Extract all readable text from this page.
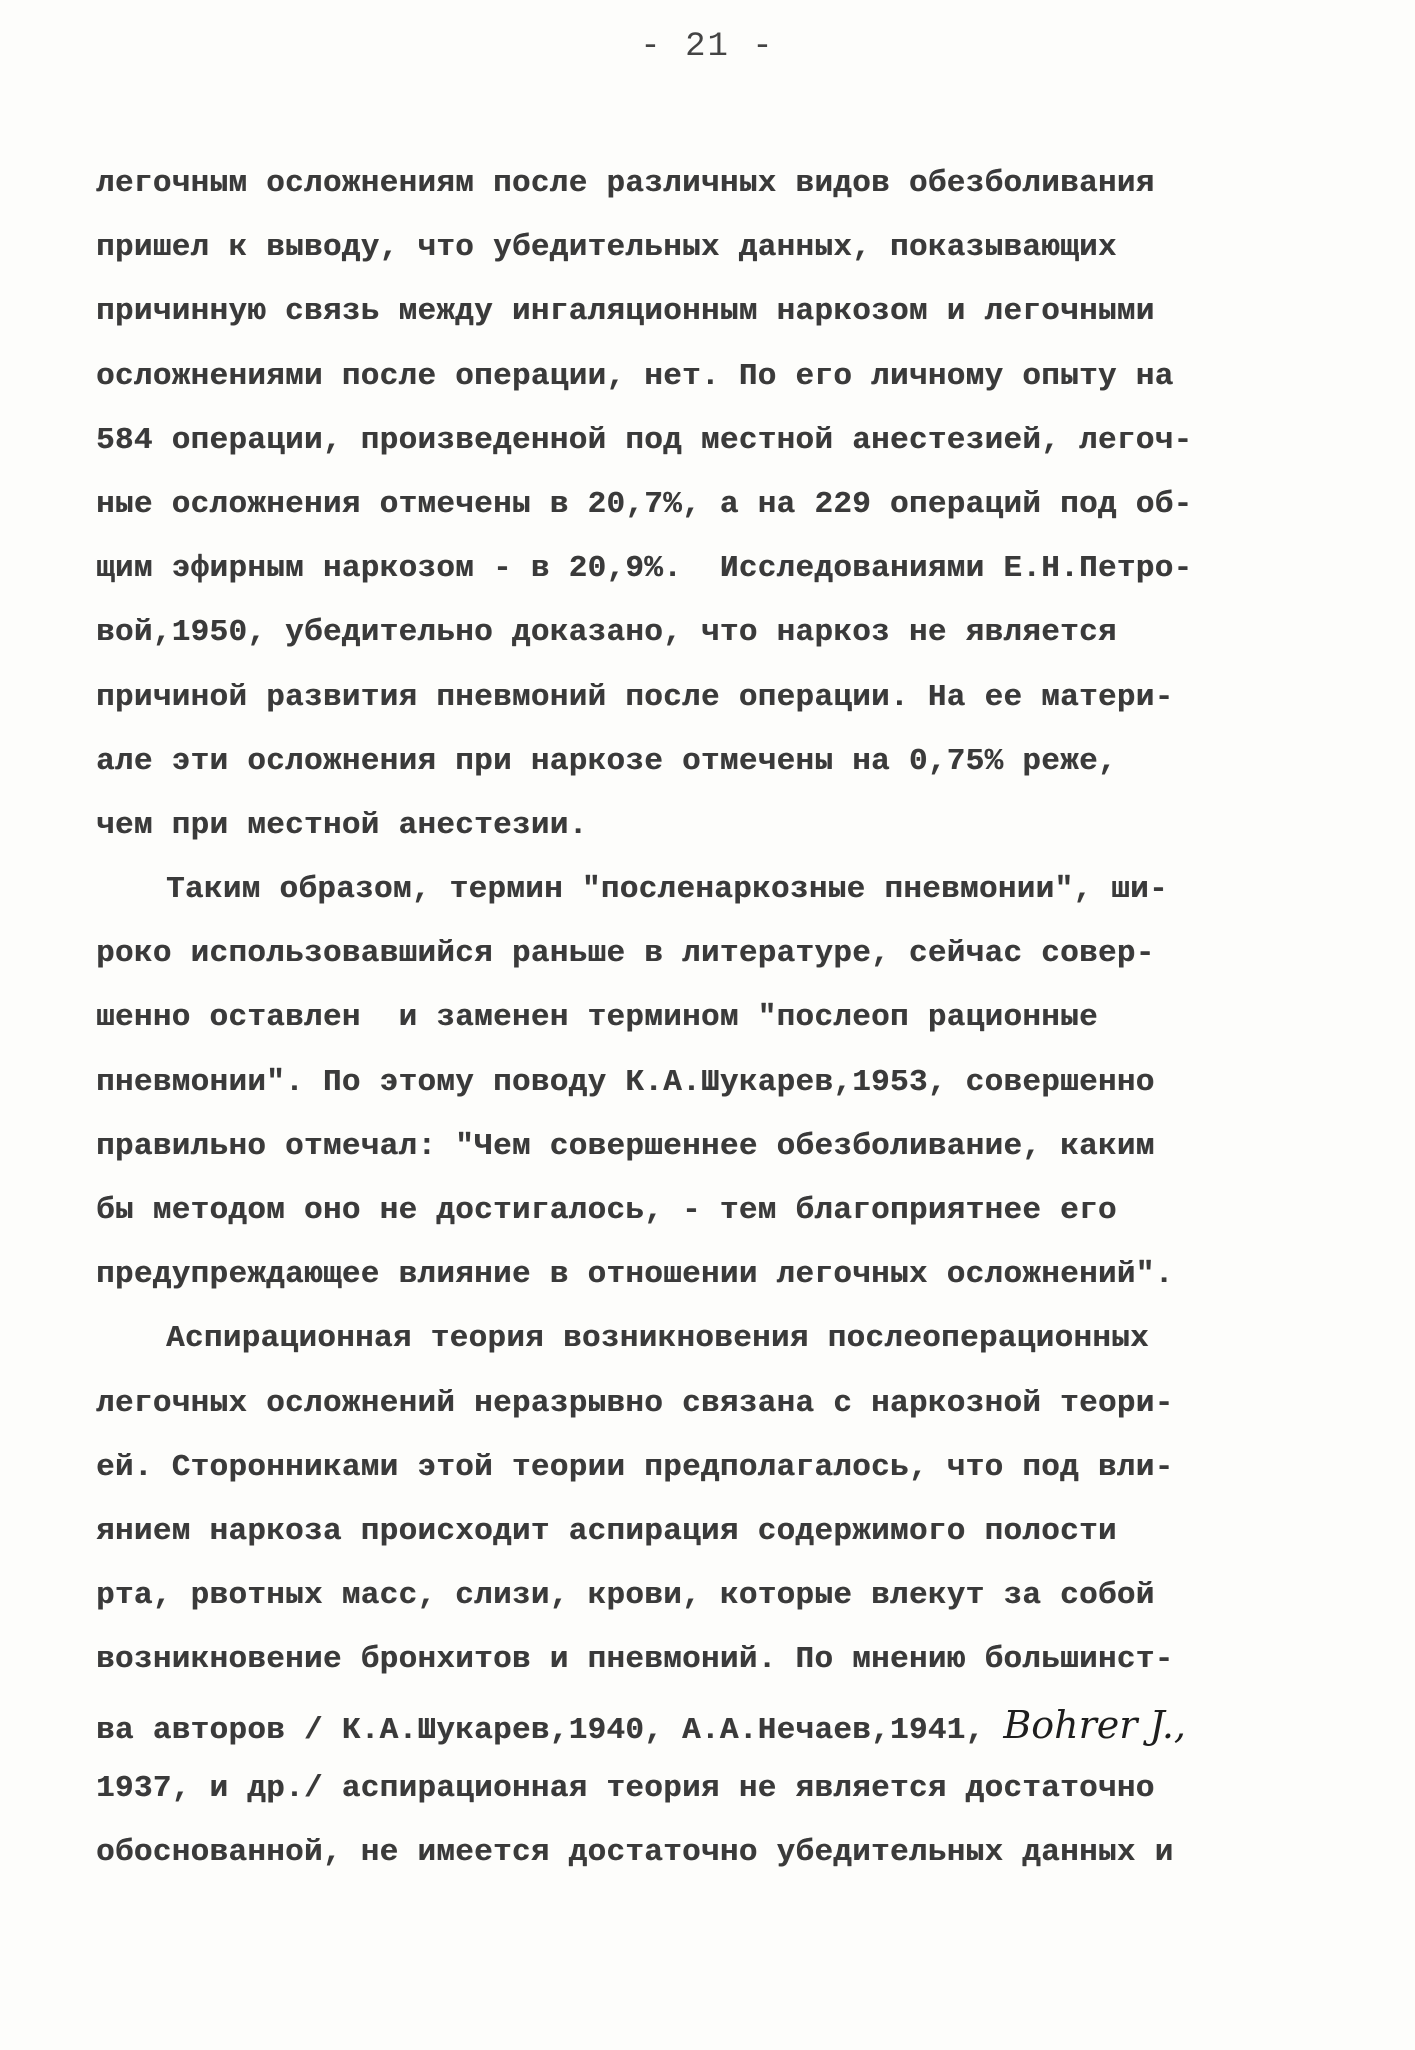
- 21 -
легочным осложнениям после различных видов обезболивания
пришел к выводу, что убедительных данных, показывающих
причинную связь между ингаляционным наркозом и легочными
осложнениями после операции, нет. По его личному опыту на
584 операции, произведенной под местной анестезией, легоч-
ные осложнения отмечены в 20,7%, а на 229 операций под об-
щим эфирным наркозом - в 20,9%.  Исследованиями Е.Н.Петро-
вой,1950, убедительно доказано, что наркоз не является
причиной развития пневмоний после операции. На ее матери-
але эти осложнения при наркозе отмечены на 0,75% реже,
чем при местной анестезии.
Таким образом, термин "посленаркозные пневмонии", ши-
роко использовавшийся раньше в литературе, сейчас совер-
шенно оставлен  и заменен термином "послеоп рационные
пневмонии". По этому поводу К.А.Шукарев,1953, совершенно
правильно отмечал: "Чем совершеннее обезболивание, каким
бы методом оно не достигалось, - тем благоприятнее его
предупреждающее влияние в отношении легочных осложнений".
Аспирационная теория возникновения послеоперационных
легочных осложнений неразрывно связана с наркозной теори-
ей. Сторонниками этой теории предполагалось, что под вли-
янием наркоза происходит аспирация содержимого полости
рта, рвотных масс, слизи, крови, которые влекут за собой
возникновение бронхитов и пневмоний. По мнению большинст-
ва авторов / К.А.Шукарев,1940, А.А.Нечаев,1941, Bohrer J.,
1937, и др./ аспирационная теория не является достаточно
обоснованной, не имеется достаточно убедительных данных и
